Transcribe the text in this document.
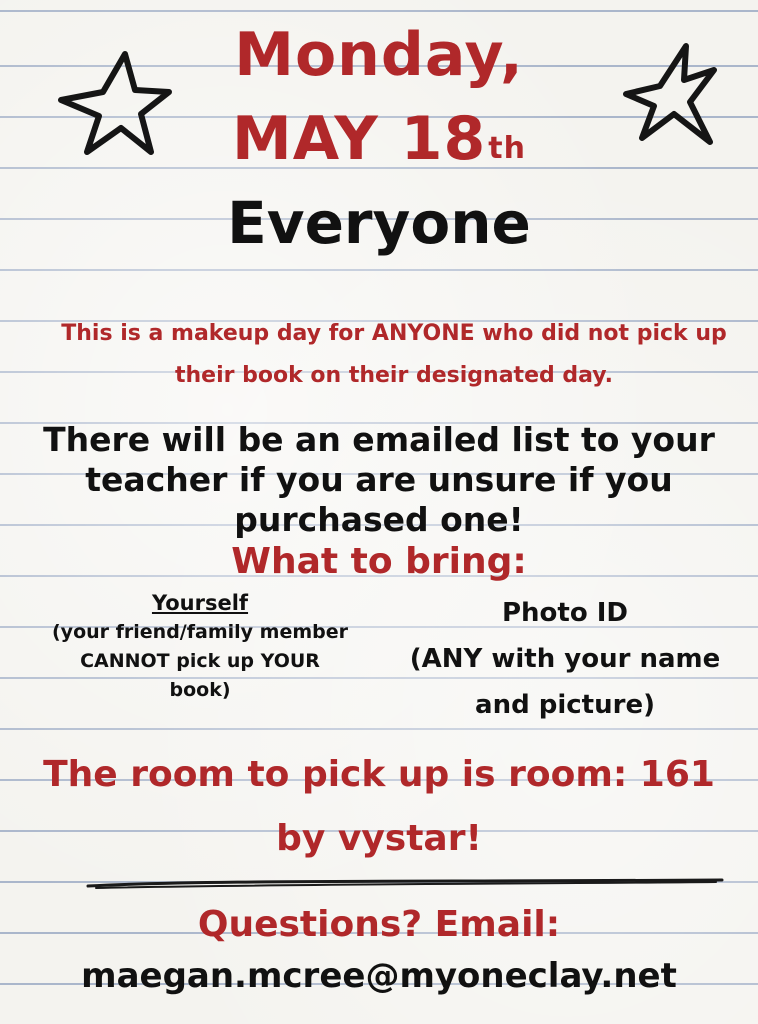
Monday,
MAY 18th
Everyone

This is a makeup day for ANYONE who did not pick up their book on their designated day.

There will be an emailed list to your teacher if you are unsure if you purchased one!

What to bring:
Yourself
(your friend/family member CANNOT pick up YOUR book)
Photo ID
(ANY with your name and picture)

The room to pick up is room: 161

by vystar!

Questions? Email:

maegan.mcree@myoneclay.net
